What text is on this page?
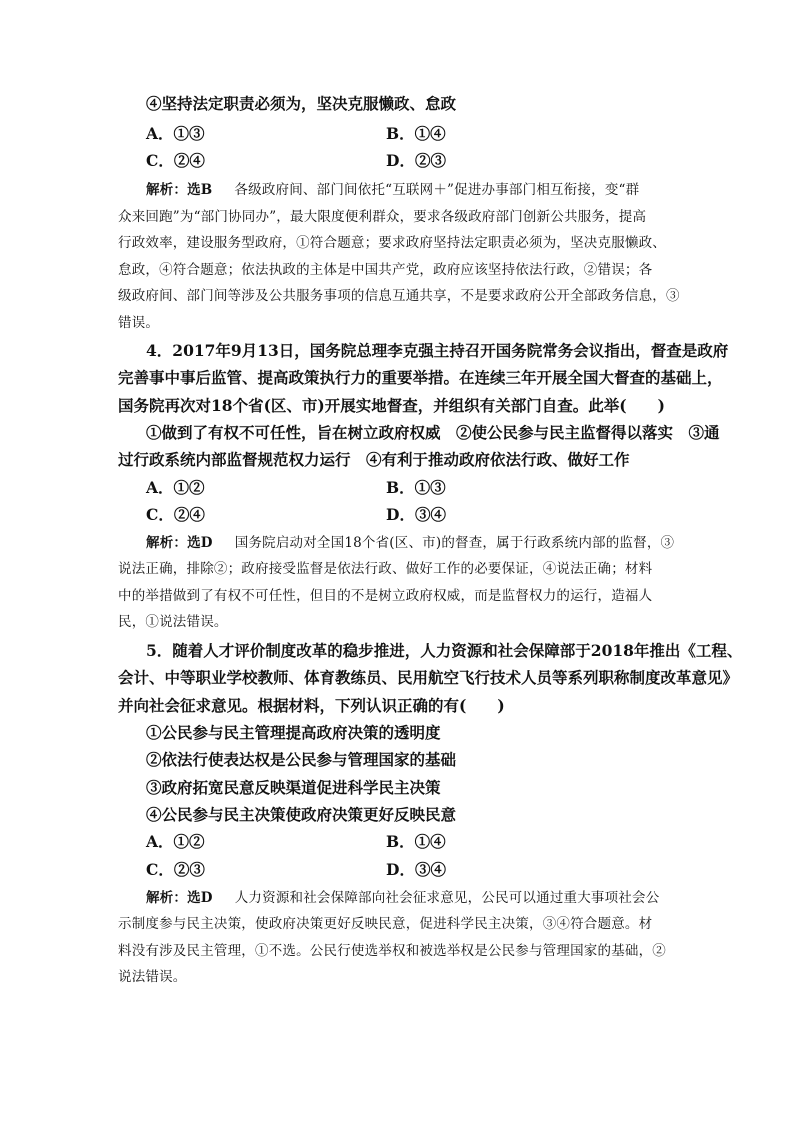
④坚持法定职责必须为，坚决克服懒政、怠政
A．①③	B．①④
C．②④	D．②③
解析：选B 各级政府间、部门间依托“互联网＋”促进办事部门相互衔接，变“群
众来回跑”为“部门协同办”，最大限度便利群众，要求各级政府部门创新公共服务，提高
行政效率，建设服务型政府，①符合题意；要求政府坚持法定职责必须为，坚决克服懒政、
怠政，④符合题意；依法执政的主体是中国共产党，政府应该坚持依法行政，②错误；各
级政府间、部门间等涉及公共服务事项的信息互通共享，不是要求政府公开全部政务信息，③
错误。
4．2017年9月13日，国务院总理李克强主持召开国务院常务会议指出，督查是政府
完善事中事后监管、提高政策执行力的重要举措。在连续三年开展全国大督查的基础上，
国务院再次对18个省(区、市)开展实地督查，并组织有关部门自查。此举(　　)
①做到了有权不可任性，旨在树立政府权威　②使公民参与民主监督得以落实　③通
过行政系统内部监督规范权力运行　④有利于推动政府依法行政、做好工作
A．①②	B．①③
C．②④	D．③④
解析：选D 国务院启动对全国18个省(区、市)的督查，属于行政系统内部的监督，③
说法正确，排除②；政府接受监督是依法行政、做好工作的必要保证，④说法正确；材料
中的举措做到了有权不可任性，但目的不是树立政府权威，而是监督权力的运行，造福人
民，①说法错误。
5．随着人才评价制度改革的稳步推进，人力资源和社会保障部于2018年推出《工程、
会计、中等职业学校教师、体育教练员、民用航空飞行技术人员等系列职称制度改革意见》
并向社会征求意见。根据材料，下列认识正确的有(　　)
①公民参与民主管理提高政府决策的透明度
②依法行使表达权是公民参与管理国家的基础
③政府拓宽民意反映渠道促进科学民主决策
④公民参与民主决策使政府决策更好反映民意
A．①②	B．①④
C．②③	D．③④
解析：选D 人力资源和社会保障部向社会征求意见，公民可以通过重大事项社会公
示制度参与民主决策，使政府决策更好反映民意，促进科学民主决策，③④符合题意。材
料没有涉及民主管理，①不选。公民行使选举权和被选举权是公民参与管理国家的基础，②
说法错误。
